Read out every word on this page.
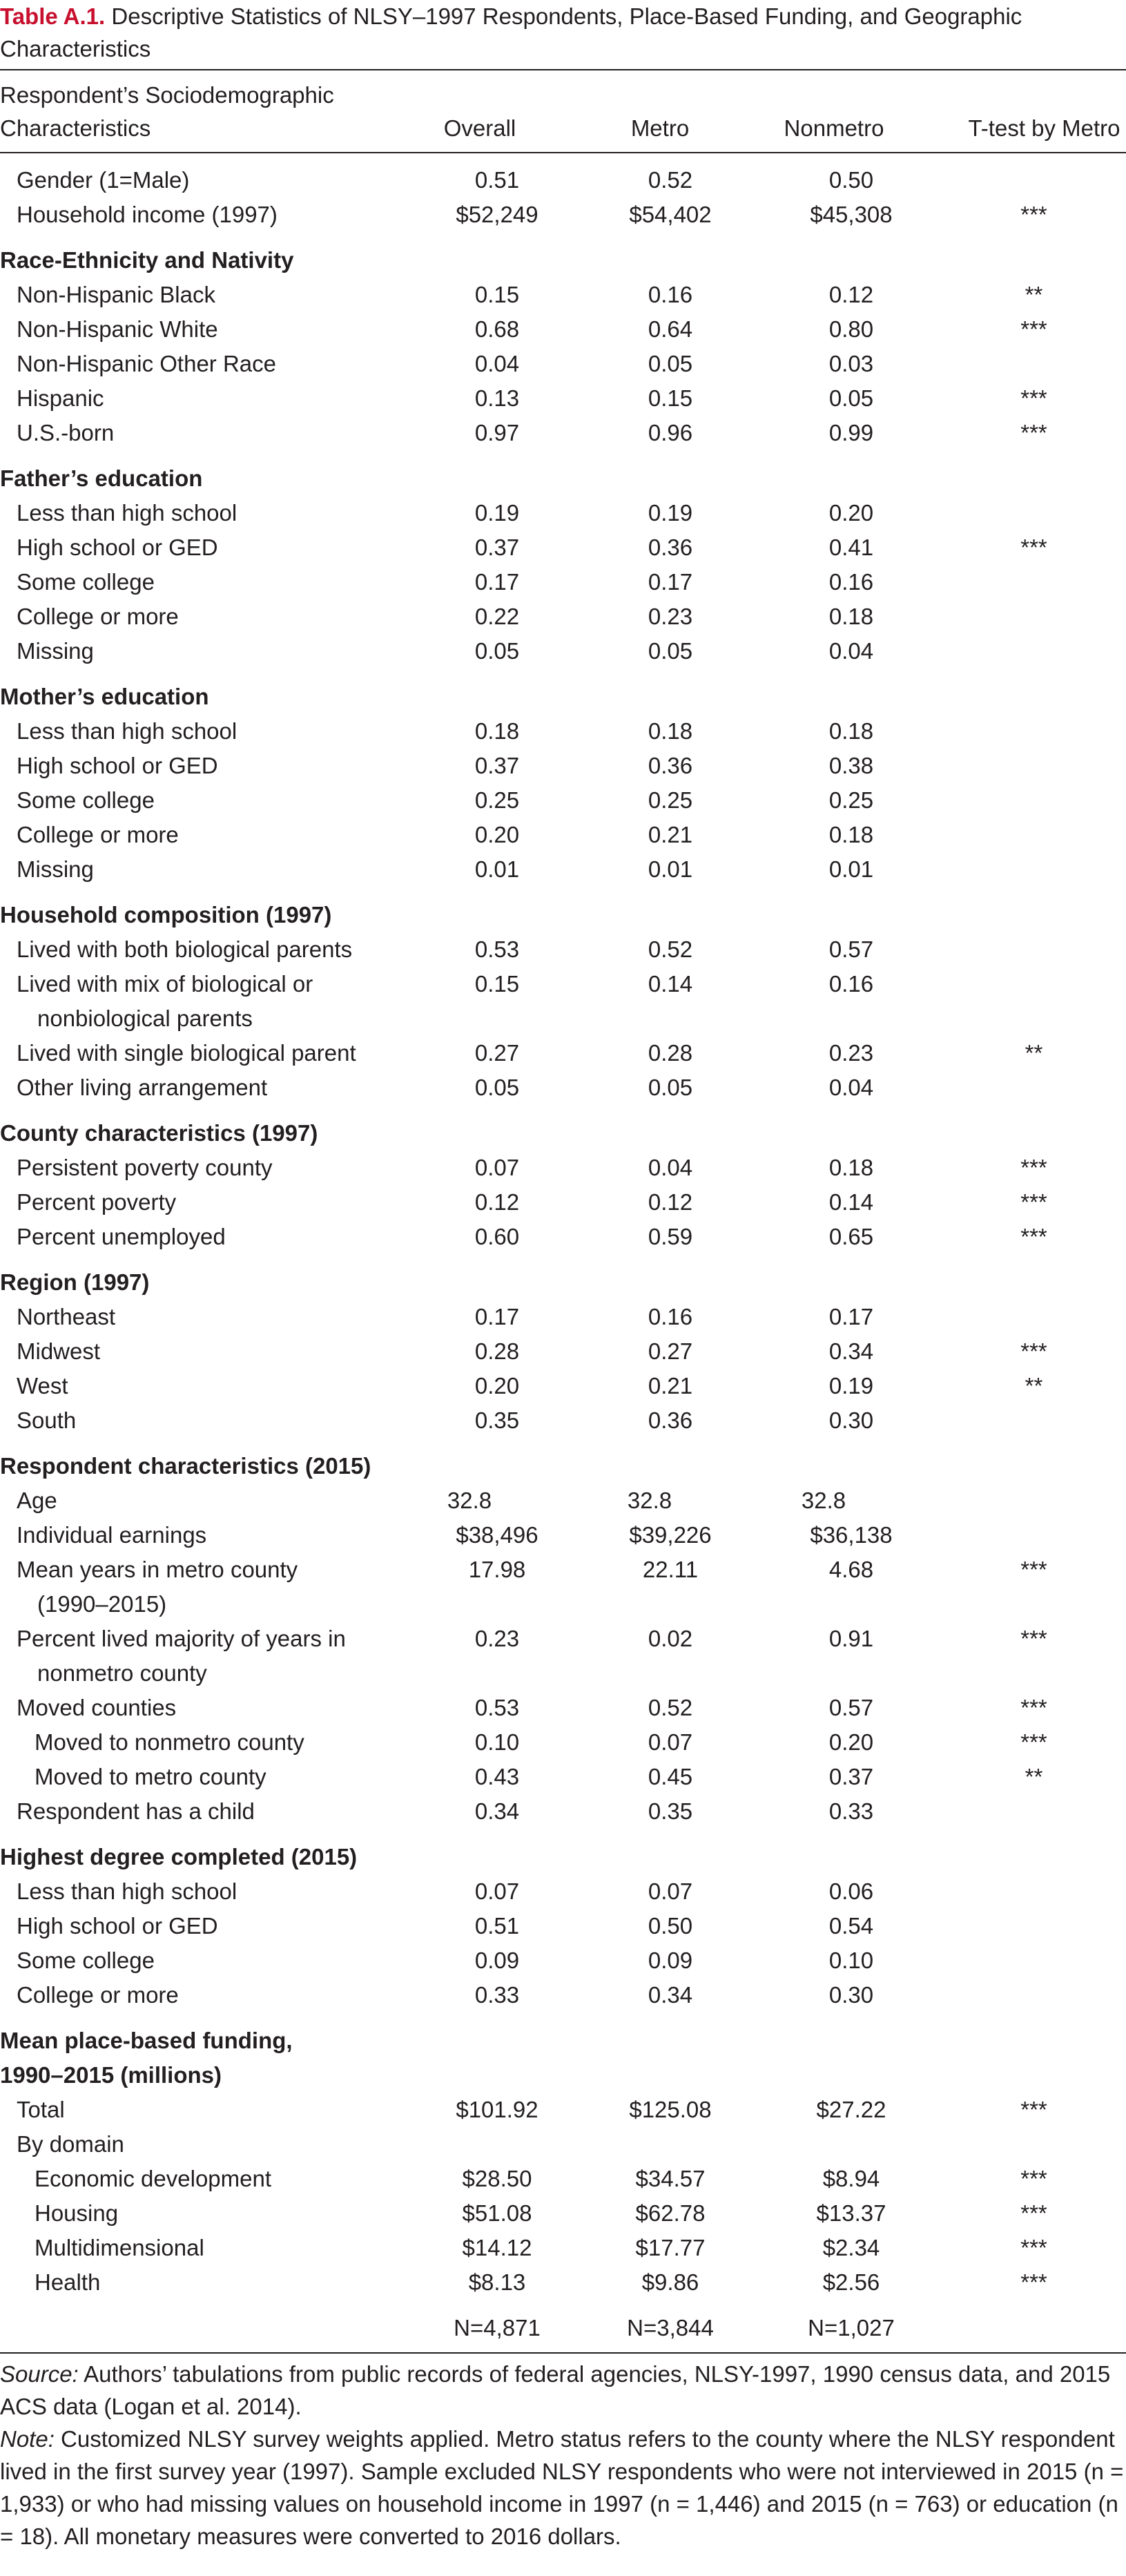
Table A.1. Descriptive Statistics of NLSY–1997 Respondents, Place-Based Funding, and Geographic Characteristics

Respondent’s Sociodemographic
Characteristics	Overall	Metro	Nonmetro	T-test by Metro

Gender (1=Male)	0.51	0.52	0.50	
Household income (1997)	$52,249	$54,402	$45,308	***
Race-Ethnicity and Nativity				
Non-Hispanic Black	0.15	0.16	0.12	**
Non-Hispanic White	0.68	0.64	0.80	***
Non-Hispanic Other Race	0.04	0.05	0.03	
Hispanic	0.13	0.15	0.05	***
U.S.-born	0.97	0.96	0.99	***
Father’s education				
Less than high school	0.19	0.19	0.20	
High school or GED	0.37	0.36	0.41	***
Some college	0.17	0.17	0.16	
College or more	0.22	0.23	0.18	
Missing	0.05	0.05	0.04	
Mother’s education				
Less than high school	0.18	0.18	0.18	
High school or GED	0.37	0.36	0.38	
Some college	0.25	0.25	0.25	
College or more	0.20	0.21	0.18	
Missing	0.01	0.01	0.01	
Household composition (1997)				
Lived with both biological parents	0.53	0.52	0.57	
Lived with mix of biological or	0.15	0.14	0.16	
nonbiological parents				
Lived with single biological parent	0.27	0.28	0.23	**
Other living arrangement	0.05	0.05	0.04	
County characteristics (1997)				
Persistent poverty county	0.07	0.04	0.18	***
Percent poverty	0.12	0.12	0.14	***
Percent unemployed	0.60	0.59	0.65	***
Region (1997)				
Northeast	0.17	0.16	0.17	
Midwest	0.28	0.27	0.34	***
West	0.20	0.21	0.19	**
South	0.35	0.36	0.30	
Respondent characteristics (2015)				
Age	32.8	32.8	32.8	
Individual earnings	$38,496	$39,226	$36,138	
Mean years in metro county	17.98	22.11	4.68	***
(1990–2015)				
Percent lived majority of years in	0.23	0.02	0.91	***
nonmetro county				
Moved counties	0.53	0.52	0.57	***
Moved to nonmetro county	0.10	0.07	0.20	***
Moved to metro county	0.43	0.45	0.37	**
Respondent has a child	0.34	0.35	0.33	
Highest degree completed (2015)				
Less than high school	0.07	0.07	0.06	
High school or GED	0.51	0.50	0.54	
Some college	0.09	0.09	0.10	
College or more	0.33	0.34	0.30	
Mean place-based funding,				
1990–2015 (millions)				
Total	$101.92	$125.08	$27.22	***
By domain				
Economic development	$28.50	$34.57	$8.94	***
Housing	$51.08	$62.78	$13.37	***
Multidimensional	$14.12	$17.77	$2.34	***
Health	$8.13	$9.86	$2.56	***
	N=4,871	N=3,844	N=1,027	

Source: Authors’ tabulations from public records of federal agencies, NLSY-1997, 1990 census data, and 2015 ACS data (Logan et al. 2014).

Note: Customized NLSY survey weights applied. Metro status refers to the county where the NLSY respondent lived in the first survey year (1997). Sample excluded NLSY respondents who were not interviewed in 2015 (n = 1,933) or who had missing values on household income in 1997 (n = 1,446) and 2015 (n = 763) or education (n = 18). All monetary measures were converted to 2016 dollars.
